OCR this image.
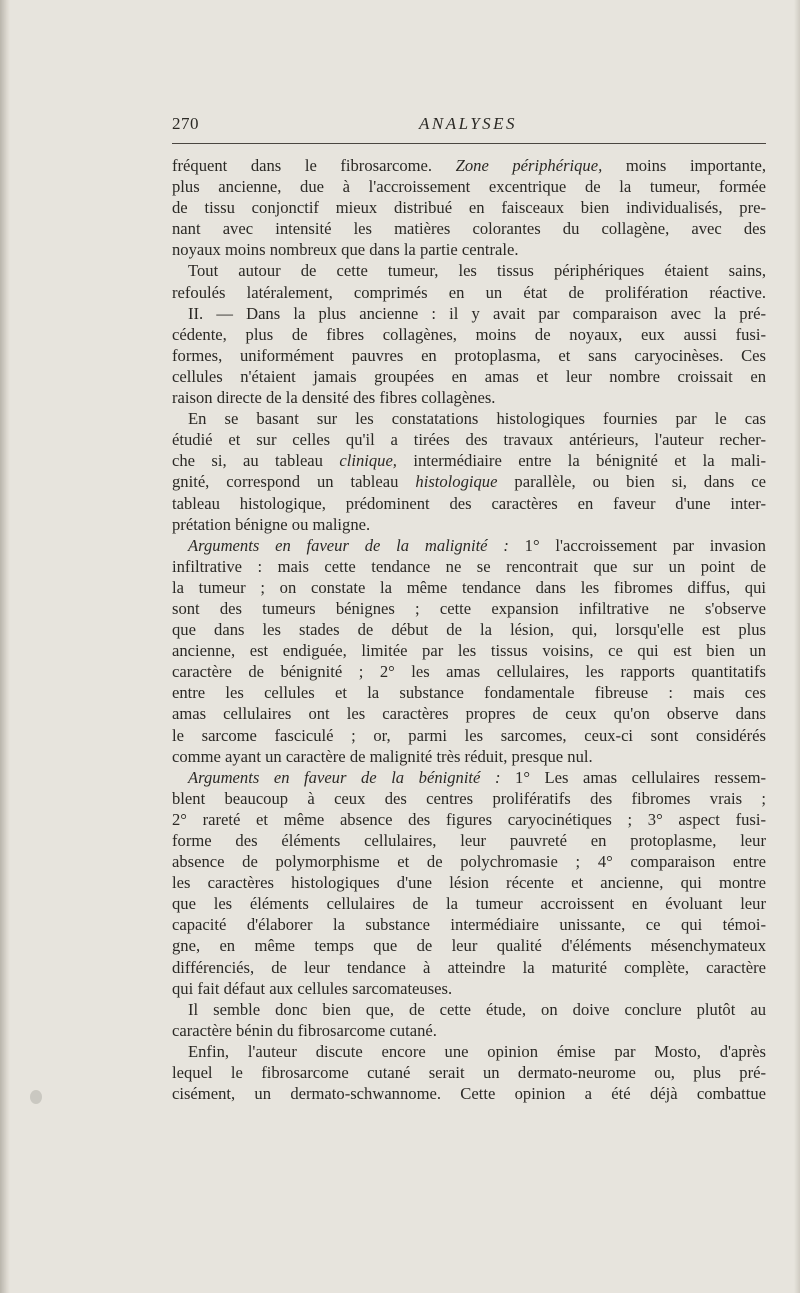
270	ANALYSES
fréquent dans le fibrosarcome. Zone périphérique, moins importante,
plus ancienne, due à l'accroissement excentrique de la tumeur, formée
de tissu conjonctif mieux distribué en faisceaux bien individualisés, pre-
nant avec intensité les matières colorantes du collagène, avec des
noyaux moins nombreux que dans la partie centrale.
Tout autour de cette tumeur, les tissus périphériques étaient sains,
refoulés latéralement, comprimés en un état de prolifération réactive.
II. — Dans la plus ancienne : il y avait par comparaison avec la pré-
cédente, plus de fibres collagènes, moins de noyaux, eux aussi fusi-
formes, uniformément pauvres en protoplasma, et sans caryocinèses. Ces
cellules n'étaient jamais groupées en amas et leur nombre croissait en
raison directe de la densité des fibres collagènes.
En se basant sur les constatations histologiques fournies par le cas
étudié et sur celles qu'il a tirées des travaux antérieurs, l'auteur recher-
che si, au tableau clinique, intermédiaire entre la bénignité et la mali-
gnité, correspond un tableau histologique parallèle, ou bien si, dans ce
tableau histologique, prédominent des caractères en faveur d'une inter-
prétation bénigne ou maligne.
Arguments en faveur de la malignité : 1° l'accroissement par invasion
infiltrative : mais cette tendance ne se rencontrait que sur un point de
la tumeur ; on constate la même tendance dans les fibromes diffus, qui
sont des tumeurs bénignes ; cette expansion infiltrative ne s'observe
que dans les stades de début de la lésion, qui, lorsqu'elle est plus
ancienne, est endiguée, limitée par les tissus voisins, ce qui est bien un
caractère de bénignité ; 2° les amas cellulaires, les rapports quantitatifs
entre les cellules et la substance fondamentale fibreuse : mais ces
amas cellulaires ont les caractères propres de ceux qu'on observe dans
le sarcome fasciculé ; or, parmi les sarcomes, ceux-ci sont considérés
comme ayant un caractère de malignité très réduit, presque nul.
Arguments en faveur de la bénignité : 1° Les amas cellulaires ressem-
blent beaucoup à ceux des centres prolifératifs des fibromes vrais ;
2° rareté et même absence des figures caryocinétiques ; 3° aspect fusi-
forme des éléments cellulaires, leur pauvreté en protoplasme, leur
absence de polymorphisme et de polychromasie ; 4° comparaison entre
les caractères histologiques d'une lésion récente et ancienne, qui montre
que les éléments cellulaires de la tumeur accroissent en évoluant leur
capacité d'élaborer la substance intermédiaire unissante, ce qui témoi-
gne, en même temps que de leur qualité d'éléments mésenchymateux
différenciés, de leur tendance à atteindre la maturité complète, caractère
qui fait défaut aux cellules sarcomateuses.
Il semble donc bien que, de cette étude, on doive conclure plutôt au
caractère bénin du fibrosarcome cutané.
Enfin, l'auteur discute encore une opinion émise par Mosto, d'après
lequel le fibrosarcome cutané serait un dermato-neurome ou, plus pré-
cisément, un dermato-schwannome. Cette opinion a été déjà combattue
